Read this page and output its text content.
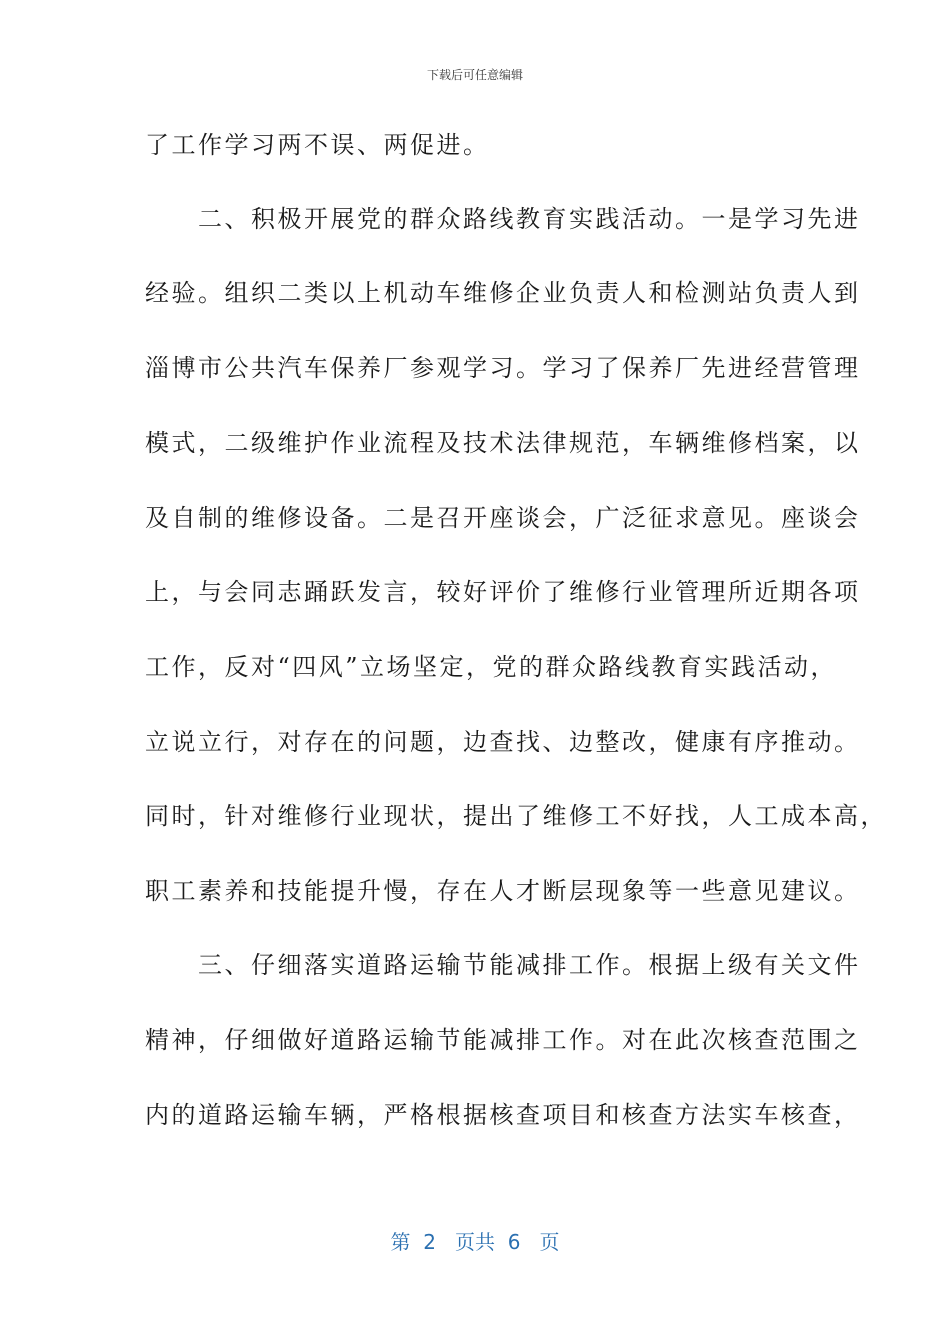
下载后可任意编辑
了工作学习两不误、两促进。
　　二、积极开展党的群众路线教育实践活动。一是学习先进
经验。组织二类以上机动车维修企业负责人和检测站负责人到
淄博市公共汽车保养厂参观学习。学习了保养厂先进经营管理
模式，二级维护作业流程及技术法律规范，车辆维修档案，以
及自制的维修设备。二是召开座谈会，广泛征求意见。座谈会
上，与会同志踊跃发言，较好评价了维修行业管理所近期各项
工作，反对“四风”立场坚定，党的群众路线教育实践活动，
立说立行，对存在的问题，边查找、边整改，健康有序推动。
同时，针对维修行业现状，提出了维修工不好找，人工成本高，
职工素养和技能提升慢，存在人才断层现象等一些意见建议。
　　三、仔细落实道路运输节能减排工作。根据上级有关文件
精神，仔细做好道路运输节能减排工作。对在此次核查范围之
内的道路运输车辆，严格根据核查项目和核查方法实车核查，
第  2   页共  6   页
